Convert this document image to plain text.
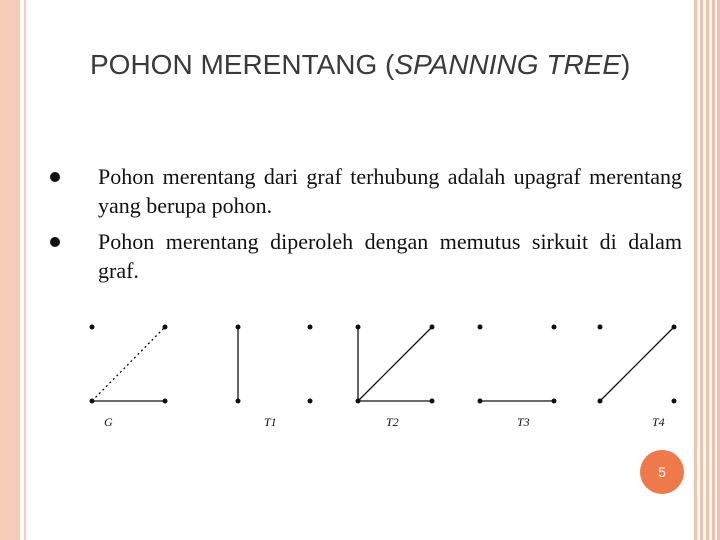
POHON MERENTANG (SPANNING TREE)
Pohon merentang dari graf terhubung adalah upagraf merentang yang berupa pohon.
Pohon merentang diperoleh dengan memutus sirkuit di dalam graf.
G	T1	T2	T3	T4
5
